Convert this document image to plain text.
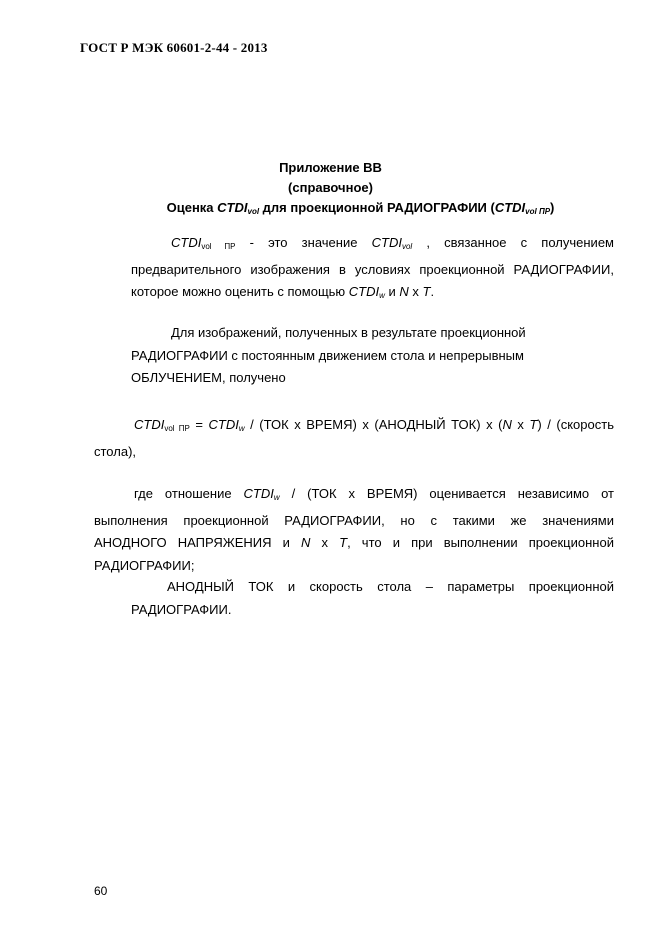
ГОСТ Р МЭК 60601-2-44 - 2013
Приложение ВВ
(справочное)
Оценка $CTDI_{vol}$ для проекционной РАДИОГРАФИИ $(CTDI_{vol ПР})$
$CTDI_{vol ПР}$ - это значение $CTDI_{vol}$ , связанное с получением
предварительного изображения в условиях проекционной РАДИОГРАФИИ,
которое можно оценить с помощью $CTDI_w$ и N x T.
Для изображений, полученных в результате проекционной
РАДИОГРАФИИ с постоянным движением стола и непрерывным
ОБЛУЧЕНИЕМ, получено
$CTDI_{vol ПР}$ = $CTDI_w / (ТОК$ x ВРЕМЯ) x (АНОДНЫЙ ТОК) x (N x T) / (скорость
стола),
где отношение $CTDI_w / (ТОК$ x ВРЕМЯ) оценивается независимо от
выполнения проекционной РАДИОГРАФИИ, но с такими же значениями
АНОДНОГО НАПРЯЖЕНИЯ и N x T, что и при выполнении проекционной
РАДИОГРАФИИ;
АНОДНЫЙ ТОК и скорость стола – параметры проекционной
РАДИОГРАФИИ.
60
